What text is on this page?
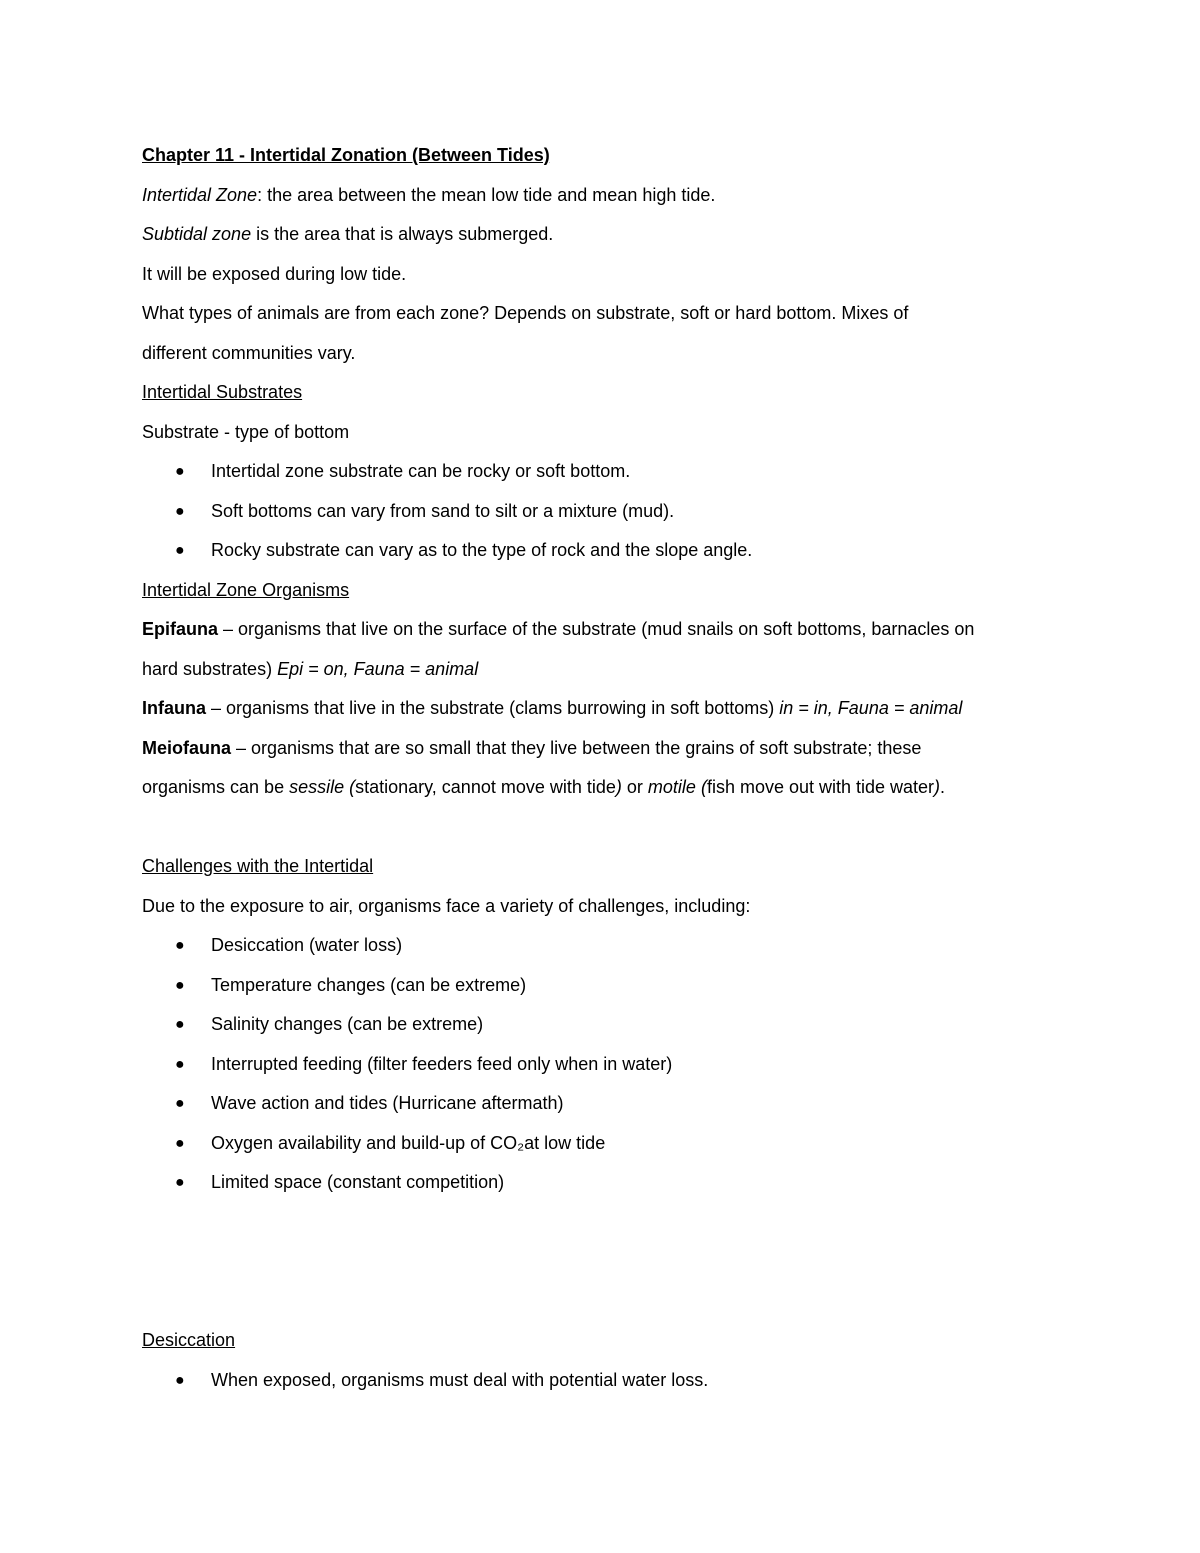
Chapter 11 - Intertidal Zonation (Between Tides)

Intertidal Zone: the area between the mean low tide and mean high tide.

Subtidal zone is the area that is always submerged.

It will be exposed during low tide.

What types of animals are from each zone? Depends on substrate, soft or hard bottom. Mixes of

different communities vary.

Intertidal Substrates

Substrate - type of bottom

● Intertidal zone substrate can be rocky or soft bottom.
● Soft bottoms can vary from sand to silt or a mixture (mud).
● Rocky substrate can vary as to the type of rock and the slope angle.

Intertidal Zone Organisms

Epifauna – organisms that live on the surface of the substrate (mud snails on soft bottoms, barnacles on

hard substrates) Epi = on, Fauna = animal

Infauna – organisms that live in the substrate (clams burrowing in soft bottoms) in = in, Fauna = animal

Meiofauna – organisms that are so small that they live between the grains of soft substrate; these

organisms can be sessile (stationary, cannot move with tide) or motile (fish move out with tide water).

Challenges with the Intertidal

Due to the exposure to air, organisms face a variety of challenges, including:

● Desiccation (water loss)
● Temperature changes (can be extreme)
● Salinity changes (can be extreme)
● Interrupted feeding (filter feeders feed only when in water)
● Wave action and tides (Hurricane aftermath)
● Oxygen availability and build-up of CO₂at low tide
● Limited space (constant competition)

Desiccation

● When exposed, organisms must deal with potential water loss.
